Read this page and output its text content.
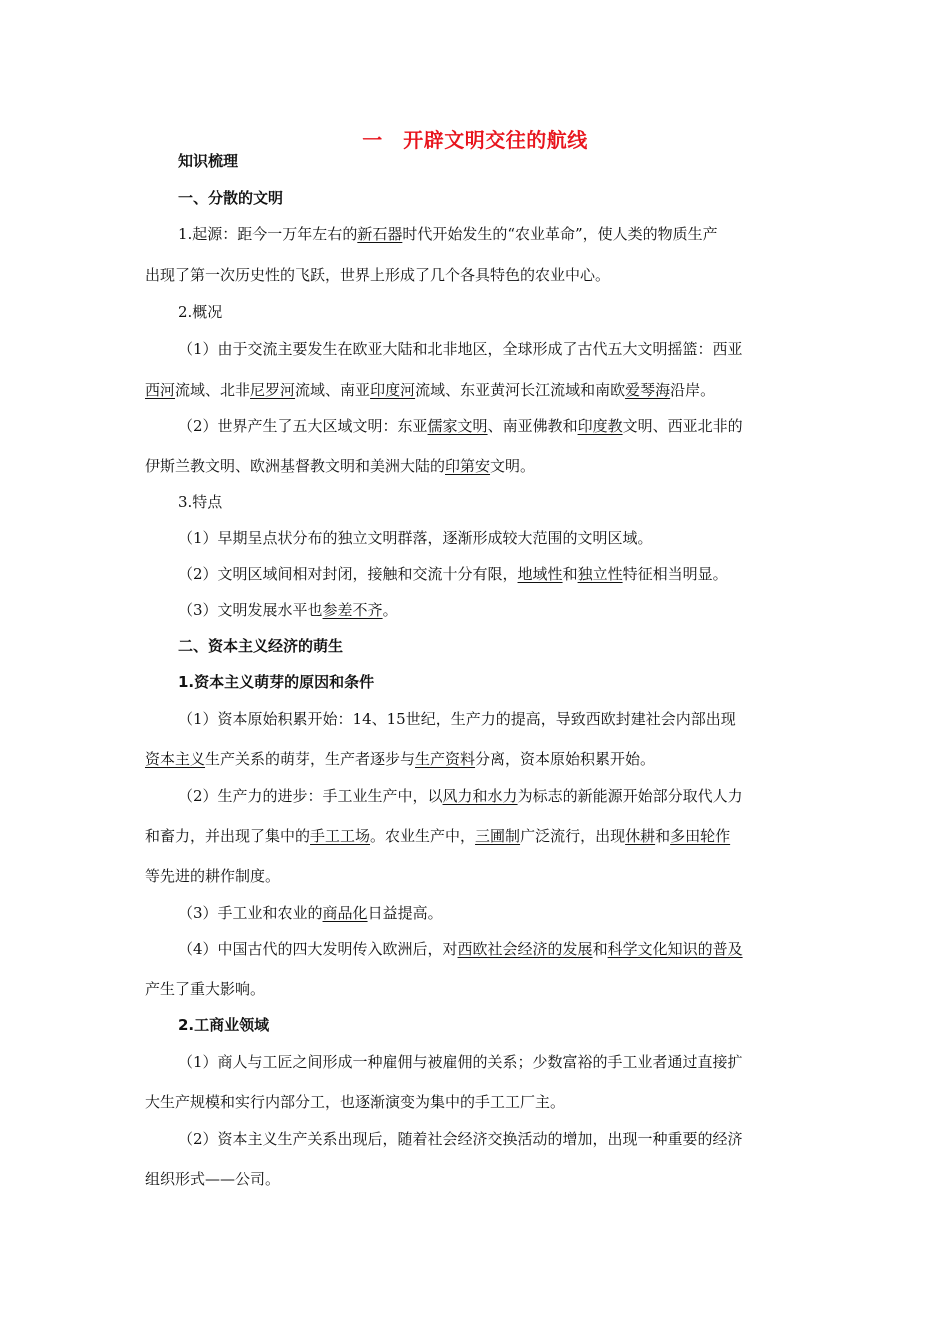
一　开辟文明交往的航线
知识梳理
一、分散的文明
1.起源：距今一万年左右的新石器时代开始发生的“农业革命”，使人类的物质生产
出现了第一次历史性的飞跃，世界上形成了几个各具特色的农业中心。
2.概况
（1）由于交流主要发生在欧亚大陆和北非地区，全球形成了古代五大文明摇篮：西亚
西河流域、北非尼罗河流域、南亚印度河流域、东亚黄河长江流域和南欧爱琴海沿岸。
（2）世界产生了五大区域文明：东亚儒家文明、南亚佛教和印度教文明、西亚北非的
伊斯兰教文明、欧洲基督教文明和美洲大陆的印第安文明。
3.特点
（1）早期呈点状分布的独立文明群落，逐渐形成较大范围的文明区域。
（2）文明区域间相对封闭，接触和交流十分有限，地域性和独立性特征相当明显。
（3）文明发展水平也参差不齐。
二、资本主义经济的萌生
1.资本主义萌芽的原因和条件
（1）资本原始积累开始：14、15世纪，生产力的提高，导致西欧封建社会内部出现
资本主义生产关系的萌芽，生产者逐步与生产资料分离，资本原始积累开始。
（2）生产力的进步：手工业生产中，以风力和水力为标志的新能源开始部分取代人力
和畜力，并出现了集中的手工工场。农业生产中，三圃制广泛流行，出现休耕和多田轮作
等先进的耕作制度。
（3）手工业和农业的商品化日益提高。
（4）中国古代的四大发明传入欧洲后，对西欧社会经济的发展和科学文化知识的普及
产生了重大影响。
2.工商业领域
（1）商人与工匠之间形成一种雇佣与被雇佣的关系；少数富裕的手工业者通过直接扩
大生产规模和实行内部分工，也逐渐演变为集中的手工工厂主。
（2）资本主义生产关系出现后，随着社会经济交换活动的增加，出现一种重要的经济
组织形式——公司。
